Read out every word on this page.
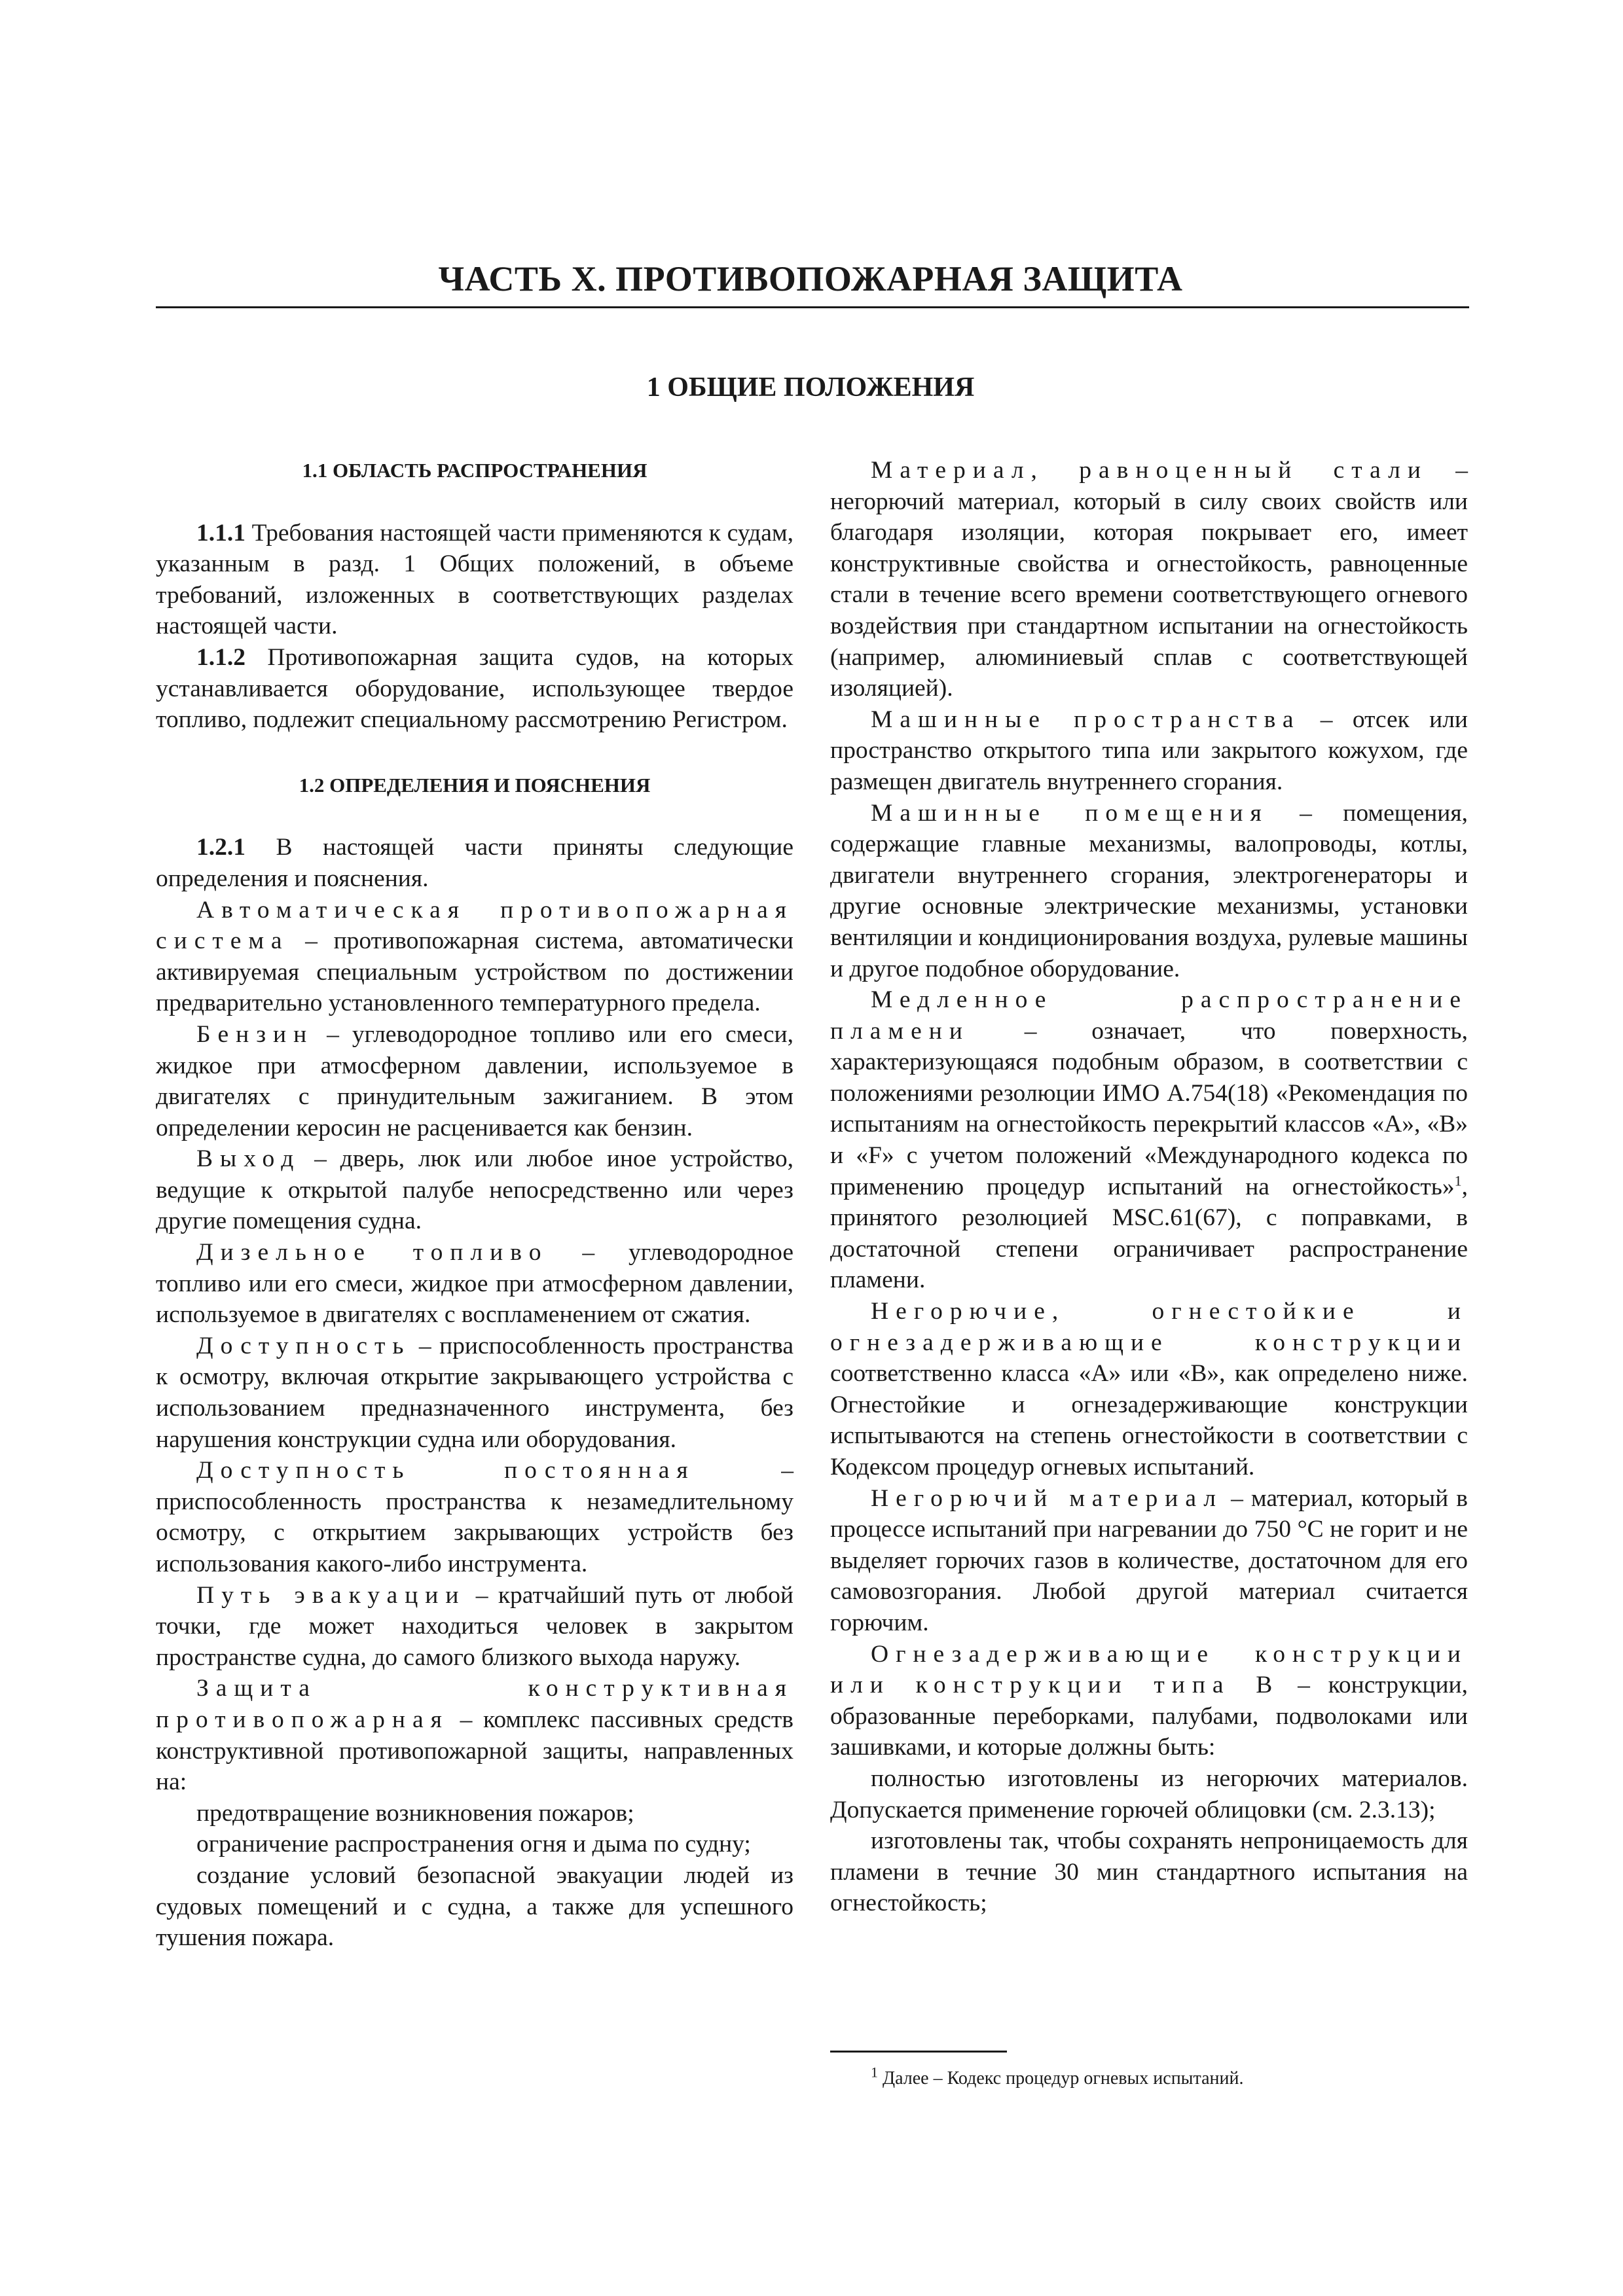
ЧАСТЬ X. ПРОТИВОПОЖАРНАЯ ЗАЩИТА
1 ОБЩИЕ ПОЛОЖЕНИЯ

1.1 ОБЛАСТЬ РАСПРОСТРАНЕНИЯ

1.1.1 Требования настоящей части применяются к судам, указанным в разд. 1 Общих положений, в объеме требований, изложенных в соответствующих разделах настоящей части.

1.1.2 Противопожарная защита судов, на которых устанавливается оборудование, использующее твердое топливо, подлежит специальному рассмотрению Регистром.

1.2 ОПРЕДЕЛЕНИЯ И ПОЯСНЕНИЯ

1.2.1 В настоящей части приняты следующие определения и пояснения.

Автоматическая противопожарная система – противопожарная система, автоматически активируемая специальным устройством по достижении предварительно установленного температурного предела.

Бензин – углеводородное топливо или его смеси, жидкое при атмосферном давлении, используемое в двигателях с принудительным зажиганием. В этом определении керосин не расценивается как бензин.

Выход – дверь, люк или любое иное устройство, ведущие к открытой палубе непосредственно или через другие помещения судна.

Дизельное топливо – углеводородное топливо или его смеси, жидкое при атмосферном давлении, используемое в двигателях с воспламенением от сжатия.

Доступность – приспособленность пространства к осмотру, включая открытие закрывающего устройства с использованием предназначенного инструмента, без нарушения конструкции судна или оборудования.

Доступность постоянная – приспособленность пространства к незамедлительному осмотру, с открытием закрывающих устройств без использования какого-либо инструмента.

Путь эвакуации – кратчайший путь от любой точки, где может находиться человек в закрытом пространстве судна, до самого близкого выхода наружу.

Защита конструктивная противопожарная – комплекс пассивных средств конструктивной противопожарной защиты, направленных на:

предотвращение возникновения пожаров;

ограничение распространения огня и дыма по судну;

создание условий безопасной эвакуации людей из судовых помещений и с судна, а также для успешного тушения пожара.

Материал, равноценный стали – негорючий материал, который в силу своих свойств или благодаря изоляции, которая покрывает его, имеет конструктивные свойства и огнестойкость, равноценные стали в течение всего времени соответствующего огневого воздействия при стандартном испытании на огнестойкость (например, алюминиевый сплав с соответствующей изоляцией).

Машинные пространства – отсек или пространство открытого типа или закрытого кожухом, где размещен двигатель внутреннего сгорания.

Машинные помещения – помещения, содержащие главные механизмы, валопроводы, котлы, двигатели внутреннего сгорания, электрогенераторы и другие основные электрические механизмы, установки вентиляции и кондиционирования воздуха, рулевые машины и другое подобное оборудование.

Медленное распространение пламени – означает, что поверхность, характеризующаяся подобным образом, в соответствии с положениями резолюции ИМО A.754(18) «Рекомендация по испытаниям на огнестойкость перекрытий классов «А», «В» и «F» с учетом положений «Международного кодекса по применению процедур испытаний на огнестойкость»$^1$, принятого резолюцией MSC.61(67), с поправками, в достаточной степени ограничивает распространение пламени.

Негорючие, огнестойкие и огнезадерживающие конструкции соответственно класса «А» или «В», как определено ниже. Огнестойкие и огнезадерживающие конструкции испытываются на степень огнестойкости в соответствии с Кодексом процедур огневых испытаний.

Негорючий материал – материал, который в процессе испытаний при нагревании до 750 °C не горит и не выделяет горючих газов в количестве, достаточном для его самовозгорания. Любой другой материал считается горючим.

Огнезадерживающие конструкции или конструкции типа B – конструкции, образованные переборками, палубами, подволоками или зашивками, и которые должны быть:

полностью изготовлены из негорючих материалов. Допускается применение горючей облицовки (см. 2.3.13);

изготовлены так, чтобы сохранять непроницаемость для пламени в течние 30 мин стандартного испытания на огнестойкость;

$^1$ Далее – Кодекс процедур огневых испытаний.
